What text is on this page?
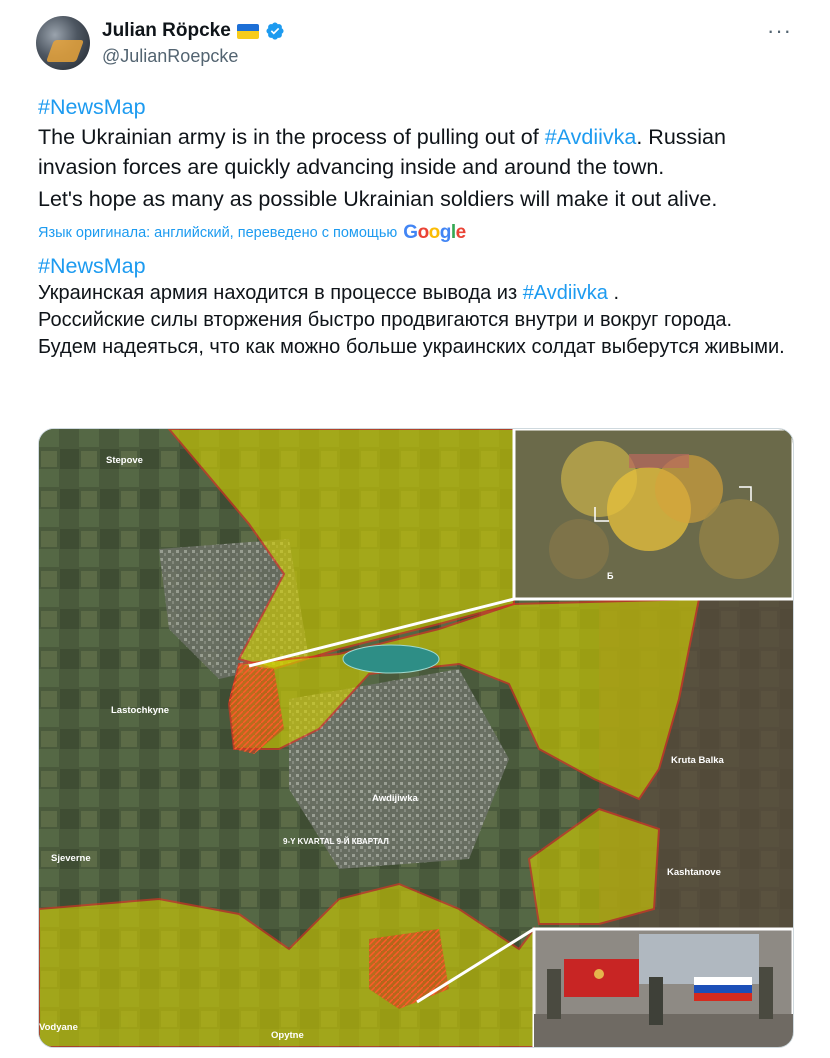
Julian Röpcke
@JulianRoepcke
···
#NewsMap
The Ukrainian army is in the process of pulling out of #Avdiivka. Russian invasion forces are quickly advancing inside and around the town.
Let's hope as many as possible Ukrainian soldiers will make it out alive.
Язык оригинала: английский, переведено с помощью Google
#NewsMap
Украинская армия находится в процессе вывода из #Avdiivka .
Российские силы вторжения быстро продвигаются внутри и вокруг города.
Будем надеяться, что как можно больше украинских солдат выберутся живыми.
Б
Stepove
Lastochkyne
Awdijiwka
9-Y KVARTAL 9-Й КВАРТАЛ
Sjeverne
Kruta Balka
Kashtanove
Vodyane
Opytne
